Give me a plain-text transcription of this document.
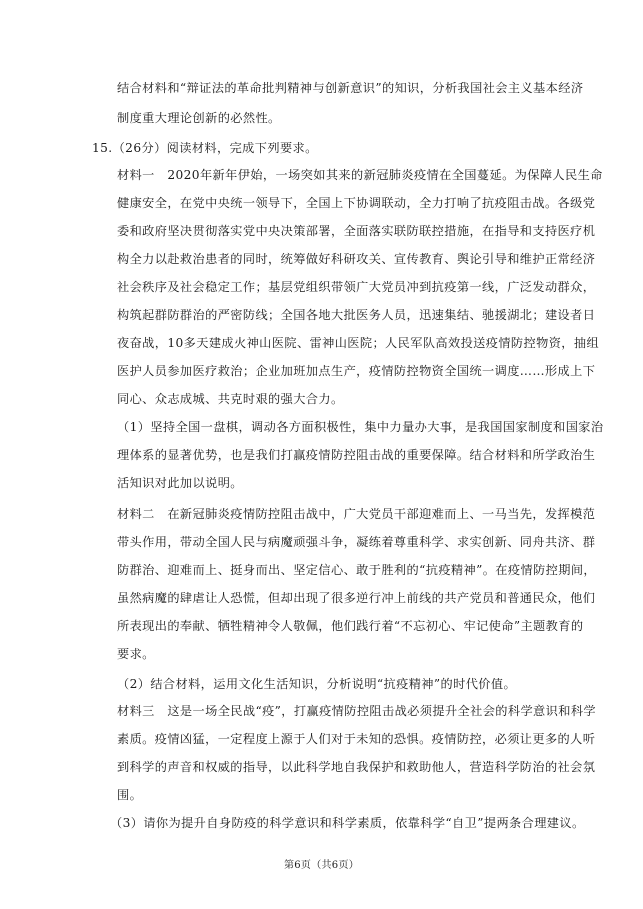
结合材料和“辩证法的革命批判精神与创新意识”的知识，分析我国社会主义基本经济
制度重大理论创新的必然性。
15.（26分）阅读材料，完成下列要求。
材料一　2020年新年伊始，一场突如其来的新冠肺炎疫情在全国蔓延。为保障人民生命
健康安全，在党中央统一领导下，全国上下协调联动，全力打响了抗疫阻击战。各级党
委和政府坚决贯彻落实党中央决策部署，全面落实联防联控措施，在指导和支持医疗机
构全力以赴救治患者的同时，统筹做好科研攻关、宣传教育、舆论引导和维护正常经济
社会秩序及社会稳定工作；基层党组织带领广大党员冲到抗疫第一线，广泛发动群众，
构筑起群防群治的严密防线；全国各地大批医务人员，迅速集结、驰援湖北；建设者日
夜奋战，10多天建成火神山医院、雷神山医院；人民军队高效投送疫情防控物资，抽组
医护人员参加医疗救治；企业加班加点生产，疫情防控物资全国统一调度……形成上下
同心、众志成城、共克时艰的强大合力。
（1）坚持全国一盘棋，调动各方面积极性，集中力量办大事，是我国国家制度和国家治
理体系的显著优势，也是我们打赢疫情防控阻击战的重要保障。结合材料和所学政治生
活知识对此加以说明。
材料二　在新冠肺炎疫情防控阻击战中，广大党员干部迎难而上、一马当先，发挥模范
带头作用，带动全国人民与病魔顽强斗争，凝练着尊重科学、求实创新、同舟共济、群
防群治、迎难而上、挺身而出、坚定信心、敢于胜利的“抗疫精神”。在疫情防控期间，
虽然病魔的肆虐让人恐慌，但却出现了很多逆行冲上前线的共产党员和普通民众，他们
所表现出的奉献、牺牲精神令人敬佩，他们践行着“不忘初心、牢记使命”主题教育的
要求。
（2）结合材料，运用文化生活知识，分析说明“抗疫精神”的时代价值。
材料三　这是一场全民战“疫”，打赢疫情防控阻击战必须提升全社会的科学意识和科学
素质。疫情凶猛，一定程度上源于人们对于未知的恐惧。疫情防控，必须让更多的人听
到科学的声音和权威的指导，以此科学地自我保护和救助他人，营造科学防治的社会氛
围。
（3）请你为提升自身防疫的科学意识和科学素质，依靠科学“自卫”提两条合理建议。
第6页（共6页）
